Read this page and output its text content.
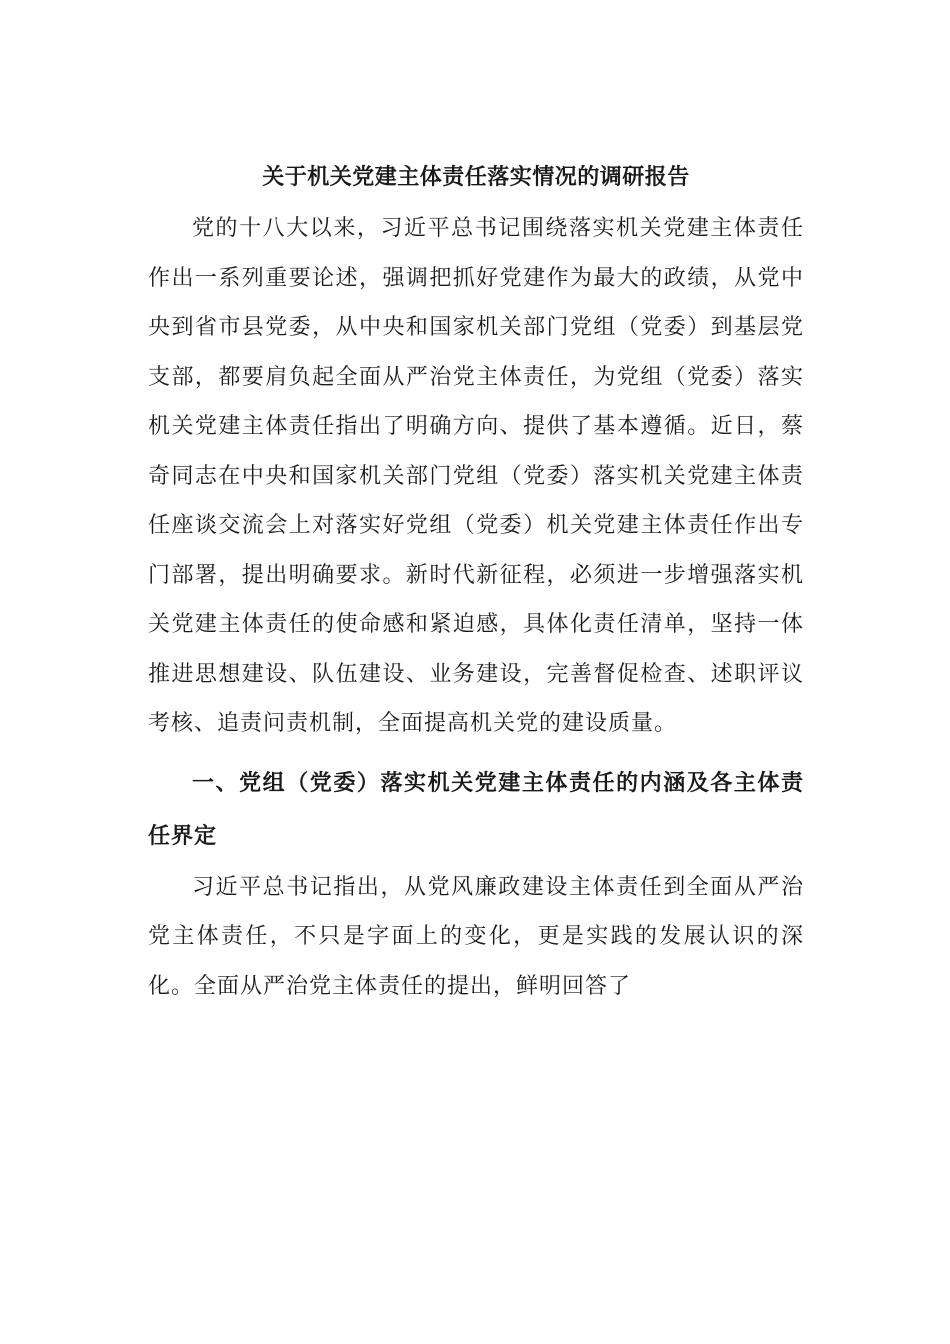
关于机关党建主体责任落实情况的调研报告

党的十八大以来，习近平总书记围绕落实机关党建主体责任作出一系列重要论述，强调把抓好党建作为最大的政绩，从党中央到省市县党委，从中央和国家机关部门党组（党委）到基层党支部，都要肩负起全面从严治党主体责任，为党组（党委）落实机关党建主体责任指出了明确方向、提供了基本遵循。近日，蔡奇同志在中央和国家机关部门党组（党委）落实机关党建主体责任座谈交流会上对落实好党组（党委）机关党建主体责任作出专门部署，提出明确要求。新时代新征程，必须进一步增强落实机关党建主体责任的使命感和紧迫感，具体化责任清单，坚持一体推进思想建设、队伍建设、业务建设，完善督促检查、述职评议考核、追责问责机制，全面提高机关党的建设质量。

一、党组（党委）落实机关党建主体责任的内涵及各主体责任界定

习近平总书记指出，从党风廉政建设主体责任到全面从严治党主体责任，不只是字面上的变化，更是实践的发展认识的深化。全面从严治党主体责任的提出，鲜明回答了
